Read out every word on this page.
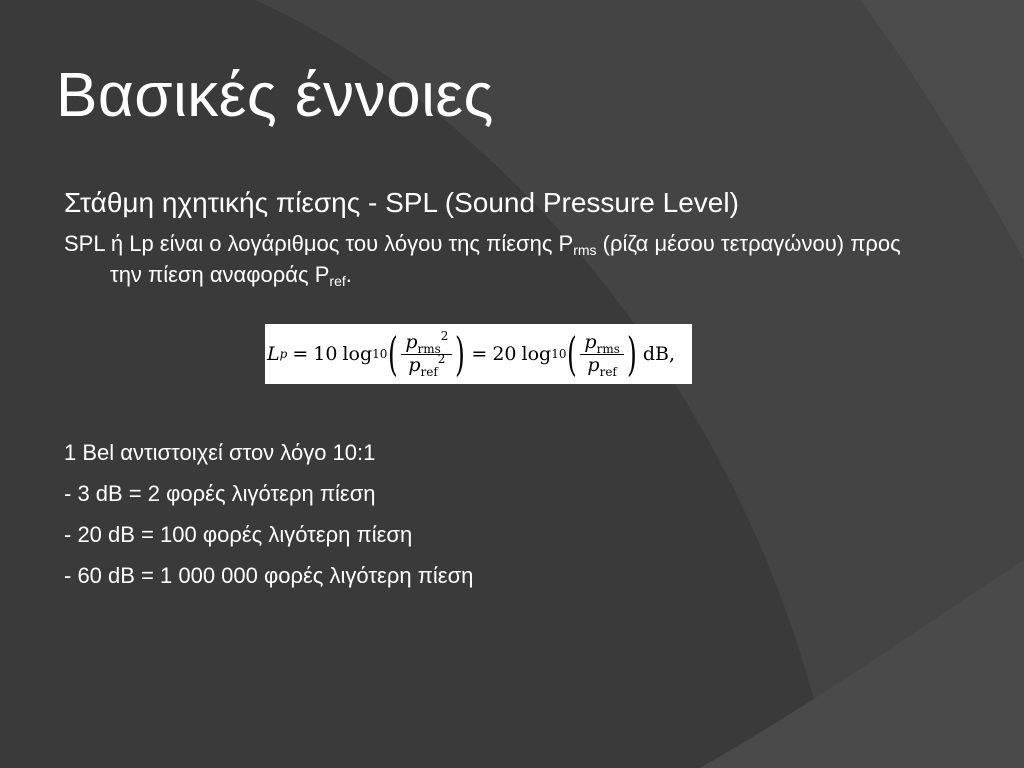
Βασικές έννοιες

Στάθμη ηχητικής πίεσης - SPL (Sound Pressure Level)

SPL ή Lp είναι ο λογάριθμος του λόγου της πίεσης $P_{rms}$ (ρίζα μέσου τετραγώνου) προς την πίεση αναφοράς $P_{ref}$.

L p = 10 log 10 ( $\frac{p_{rms}^2}{p_{ref}^2}$ ) = 20 log 10 ( $\frac{p_{rms}}{p_{ref}}$ ) dB,

1 Bel αντιστοιχεί στον λόγο 10:1

- 3 dB = 2 φορές λιγότερη πίεση

- 20 dB = 100 φορές λιγότερη πίεση

- 60 dB = 1 000 000 φορές λιγότερη πίεση
